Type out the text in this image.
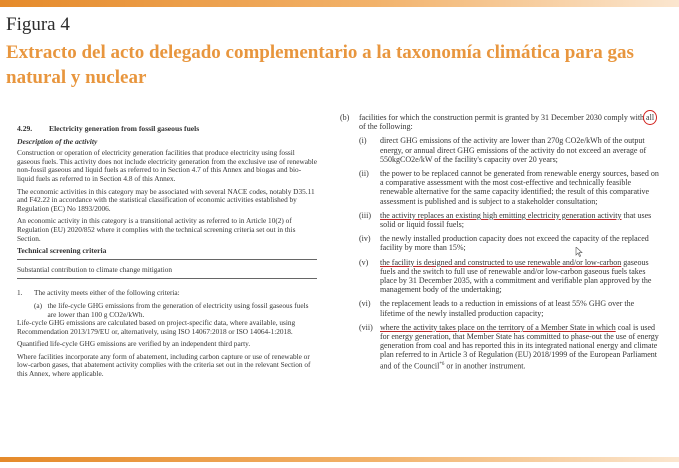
Figura 4
Extracto del acto delegado complementario a la taxonomía climática para gas natural y nuclear
4.29.	Electricity generation from fossil gaseous fuels
Description of the activity

Construction or operation of electricity generation facilities that produce electricity using fossil gaseous fuels. This activity does not include electricity generation from the exclusive use of renewable non-fossil gaseous and liquid fuels as referred to in Section 4.7 of this Annex and biogas and bio-liquid fuels as referred to in Section 4.8 of this Annex.

The economic activities in this category may be associated with several NACE codes, notably D35.11 and F42.22 in accordance with the statistical classification of economic activities established by Regulation (EC) No 1893/2006.

An economic activity in this category is a transitional activity as referred to in Article 10(2) of Regulation (EU) 2020/852 where it complies with the technical screening criteria set out in this Section.

Technical screening criteria
Substantial contribution to climate change mitigation
1.	The activity meets either of the following criteria:
(a) the life-cycle GHG emissions from the generation of electricity using fossil gaseous fuels are lower than 100 g CO2e/kWh.

Life-cycle GHG emissions are calculated based on project-specific data, where available, using Recommendation 2013/179/EU or, alternatively, using ISO 14067:2018 or ISO 14064-1:2018.

Quantified life-cycle GHG emissions are verified by an independent third party.

Where facilities incorporate any form of abatement, including carbon capture or use of renewable or low-carbon gases, that abatement activity complies with the criteria set out in the relevant Section of this Annex, where applicable.

(b)	facilities for which the construction permit is granted by 31 December 2030 comply with all of the following:
(i)	direct GHG emissions of the activity are lower than 270g CO2e/kWh of the output energy, or annual direct GHG emissions of the activity do not exceed an average of 550kgCO2e/kW of the facility's capacity over 20 years;
(ii)	the power to be replaced cannot be generated from renewable energy sources, based on a comparative assessment with the most cost-effective and technically feasible renewable alternative for the same capacity identified; the result of this comparative assessment is published and is subject to a stakeholder consultation;
(iii)	the activity replaces an existing high emitting electricity generation activity that uses solid or liquid fossil fuels;
(iv)	the newly installed production capacity does not exceed the capacity of the replaced facility by more than 15%;
(v)	the facility is designed and constructed to use renewable and/or low-carbon gaseous fuels and the switch to full use of renewable and/or low-carbon gaseous fuels takes place by 31 December 2035, with a commitment and verifiable plan approved by the management body of the undertaking;
(vi)	the replacement leads to a reduction in emissions of at least 55% GHG over the lifetime of the newly installed production capacity;
(vii) where the activity takes place on the territory of a Member State in which coal is used for energy generation, that Member State has committed to phase-out the use of energy generation from coal and has reported this in its integrated national energy and climate plan referred to in Article 3 of Regulation (EU) 2018/1999 of the European Parliament and of the Council$^{*6}$ or in another instrument.
